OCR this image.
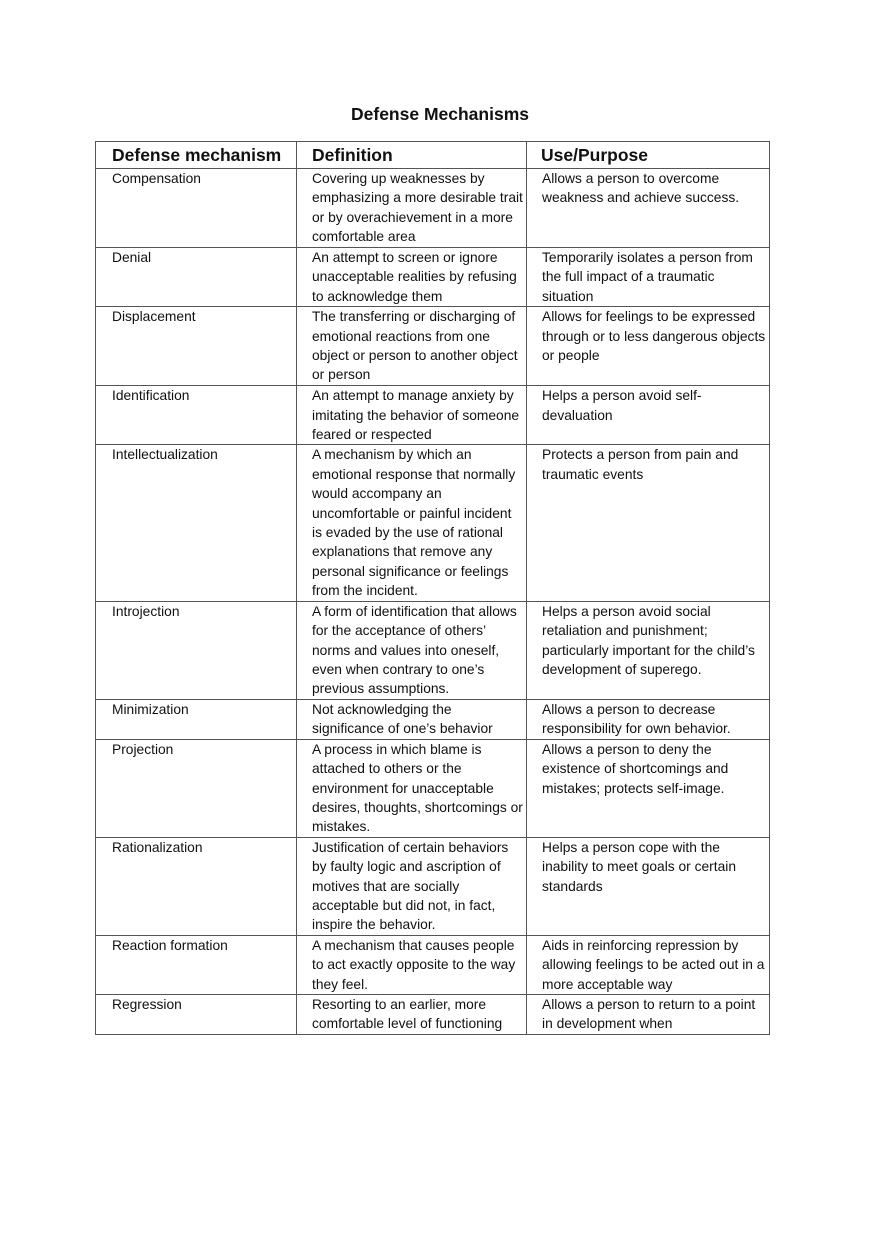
Defense Mechanisms
Defense mechanism	Definition	Use/Purpose
Compensation	Covering up weaknesses by emphasizing a more desirable trait or by overachievement in a more comfortable area	Allows a person to overcome weakness and achieve success.
Denial	An attempt to screen or ignore unacceptable realities by refusing to acknowledge them	Temporarily isolates a person from the full impact of a traumatic situation
Displacement	The transferring or discharging of emotional reactions from one object or person to another object or person	Allows for feelings to be expressed through or to less dangerous objects or people
Identification	An attempt to manage anxiety by imitating the behavior of someone feared or respected	Helps a person avoid self-devaluation
Intellectualization	A mechanism by which an emotional response that normally would accompany an uncomfortable or painful incident is evaded by the use of rational explanations that remove any personal significance or feelings from the incident.	Protects a person from pain and traumatic events
Introjection	A form of identification that allows for the acceptance of others’ norms and values into oneself, even when contrary to one’s previous assumptions.	Helps a person avoid social retaliation and punishment; particularly important for the child’s development of superego.
Minimization	Not acknowledging the significance of one’s behavior	Allows a person to decrease responsibility for own behavior.
Projection	A process in which blame is attached to others or the environment for unacceptable desires, thoughts, shortcomings or mistakes.	Allows a person to deny the existence of shortcomings and mistakes; protects self-image.
Rationalization	Justification of certain behaviors by faulty logic and ascription of motives that are socially acceptable but did not, in fact, inspire the behavior.	Helps a person cope with the inability to meet goals or certain standards
Reaction formation	A mechanism that causes people to act exactly opposite to the way they feel.	Aids in reinforcing repression by allowing feelings to be acted out in a more acceptable way
Regression	Resorting to an earlier, more comfortable level of functioning	Allows a person to return to a point in development when
